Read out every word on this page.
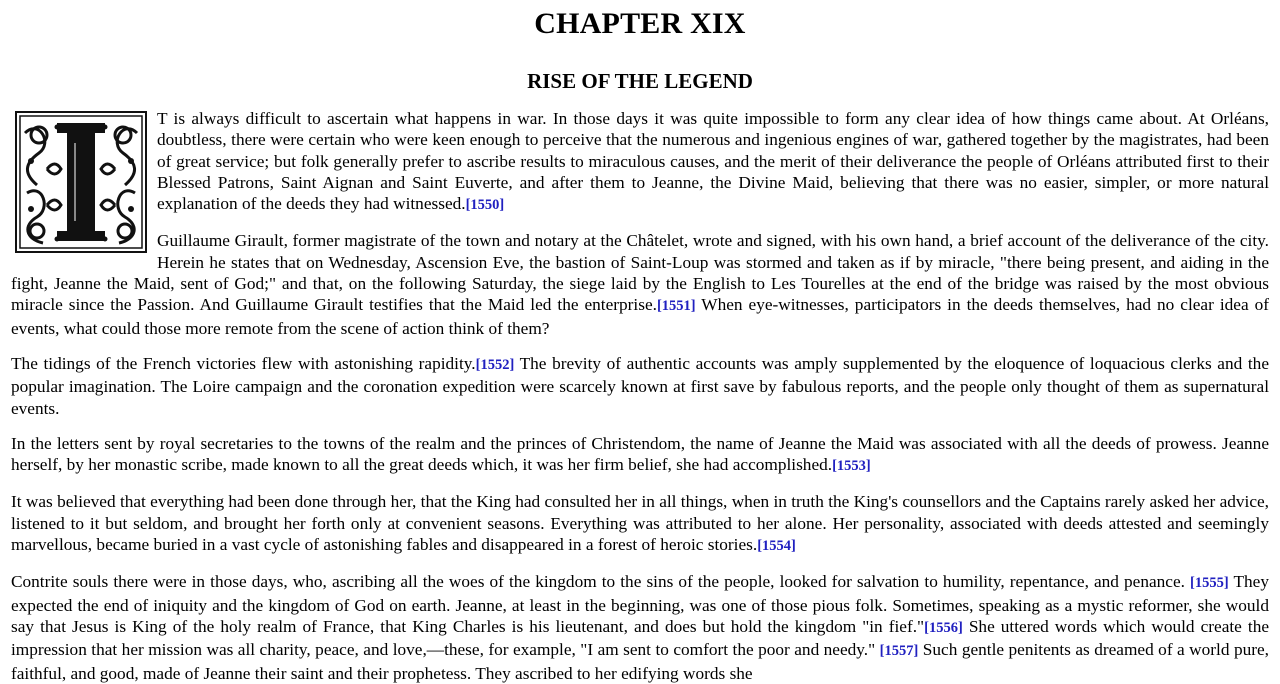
CHAPTER XIX
RISE OF THE LEGEND

T is always difficult to ascertain what happens in war. In those days it was quite impossible to form any clear idea of how things came about. At Orléans, doubtless, there were certain who were keen enough to perceive that the numerous and ingenious engines of war, gathered together by the magistrates, had been of great service; but folk generally prefer to ascribe results to miraculous causes, and the merit of their deliverance the people of Orléans attributed first to their Blessed Patrons, Saint Aignan and Saint Euverte, and after them to Jeanne, the Divine Maid, believing that there was no easier, simpler, or more natural explanation of the deeds they had witnessed.[1550]

Guillaume Girault, former magistrate of the town and notary at the Châtelet, wrote and signed, with his own hand, a brief account of the deliverance of the city. Herein he states that on Wednesday, Ascension Eve, the bastion of Saint-Loup was stormed and taken as if by miracle, "there being present, and aiding in the fight, Jeanne the Maid, sent of God;" and that, on the following Saturday, the siege laid by the English to Les Tourelles at the end of the bridge was raised by the most obvious miracle since the Passion. And Guillaume Girault testifies that the Maid led the enterprise.[1551] When eye-witnesses, participators in the deeds themselves, had no clear idea of events, what could those more remote from the scene of action think of them?

The tidings of the French victories flew with astonishing rapidity.[1552] The brevity of authentic accounts was amply supplemented by the eloquence of loquacious clerks and the popular imagination. The Loire campaign and the coronation expedition were scarcely known at first save by fabulous reports, and the people only thought of them as supernatural events.

In the letters sent by royal secretaries to the towns of the realm and the princes of Christendom, the name of Jeanne the Maid was associated with all the deeds of prowess. Jeanne herself, by her monastic scribe, made known to all the great deeds which, it was her firm belief, she had accomplished.[1553]

It was believed that everything had been done through her, that the King had consulted her in all things, when in truth the King's counsellors and the Captains rarely asked her advice, listened to it but seldom, and brought her forth only at convenient seasons. Everything was attributed to her alone. Her personality, associated with deeds attested and seemingly marvellous, became buried in a vast cycle of astonishing fables and disappeared in a forest of heroic stories.[1554]

Contrite souls there were in those days, who, ascribing all the woes of the kingdom to the sins of the people, looked for salvation to humility, repentance, and penance. [1555] They expected the end of iniquity and the kingdom of God on earth. Jeanne, at least in the beginning, was one of those pious folk. Sometimes, speaking as a mystic reformer, she would say that Jesus is King of the holy realm of France, that King Charles is his lieutenant, and does but hold the kingdom "in fief."[1556] She uttered words which would create the impression that her mission was all charity, peace, and love,—these, for example, "I am sent to comfort the poor and needy." [1557] Such gentle penitents as dreamed of a world pure, faithful, and good, made of Jeanne their saint and their prophetess. They ascribed to her edifying words she
